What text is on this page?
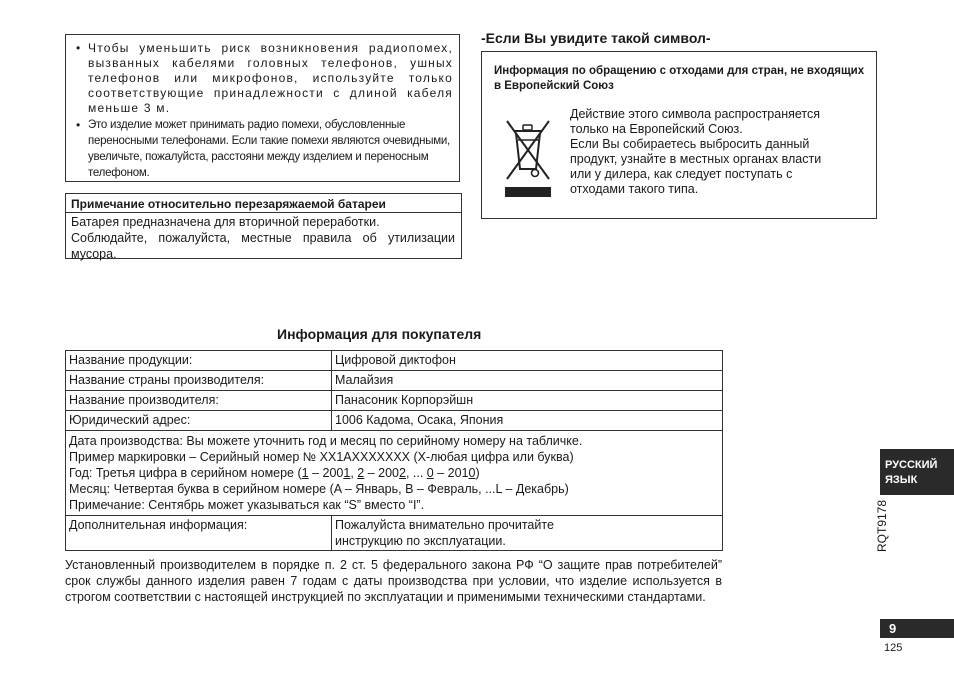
• Чтобы уменьшить риск возникновения радиопомех, вызванных кабелями головных телефонов, ушных телефонов или микрофонов, используйте только соответствующие принадлежности с длиной кабеля меньше 3 м.
• Это изделие может принимать радио помехи, обусловленные переносными телефонами. Если такие помехи являются очевидными, увеличьте, пожалуйста, расстояни между изделием и переносным телефоном.
Примечание относительно перезаряжаемой батареи
Батарея предназначена для вторичной переработки.
Соблюдайте, пожалуйста, местные правила об утилизации
мусора.
-Если Вы увидите такой символ-
Информация по обращению с отходами для стран, не входящих в Европейский Союз
Действие этого символа распространяется
только на Европейский Союз.
Если Вы собираетесь выбросить данный
продукт, узнайте в местных органах власти
или у дилера, как следует поступать с
отходами такого типа.
Информация для покупателя
Название продукции:	Цифровой диктофон
Название страны производителя:	Малайзия
Название производителя:	Панасоник Корпорэйшн
Юридический адрес:	1006 Кадома, Осака, Япония

Дата производства: Вы можете уточнить год и месяц по серийному номеру на табличке.
Пример маркировки – Серийный номер № XX1AXXXXXXX (X-любая цифра или буква)
Год: Третья цифра в серийном номере (1 – 2001, 2 – 2002, ... 0 – 2010)
Месяц: Четвертая буква в серийном номере (A – Январь, B – Февраль, ...L – Декабрь)
Примечание: Сентябрь может указываться как “S” вместо “I”.	

Дополнительная информация:	Пожалуйста внимательно прочитайте
инструкцию по эксплуатации.
Установленный производителем в порядке п. 2 ст. 5 федерального закона РФ “О защите прав потребителей” срок службы данного изделия равен 7 годам с даты производства при условии, что изделие используется в строгом соответствии с настоящей инструкцией по эксплуатации и применимыми техническими стандартами.
РУССКИЙ
ЯЗЫК
RQT9178
9
125
